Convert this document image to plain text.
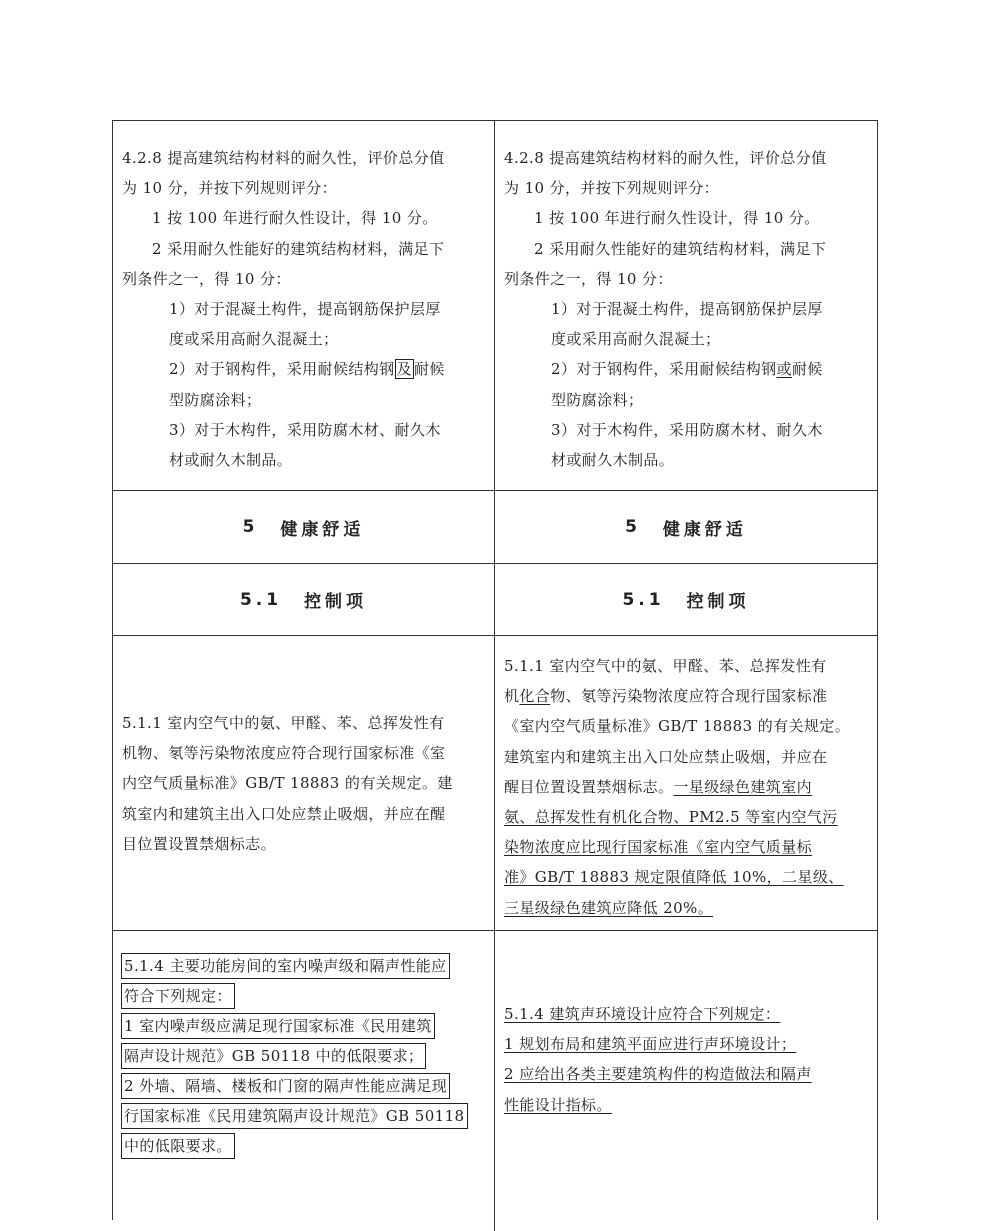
4.2.8 提高建筑结构材料的耐久性，评价总分值

为 10 分，并按下列规则评分：

1 按 100 年进行耐久性设计，得 10 分。

2 采用耐久性能好的建筑结构材料，满足下

列条件之一，得 10 分：

1）对于混凝土构件，提高钢筋保护层厚

度或采用高耐久混凝土；

2）对于钢构件，采用耐候结构钢 及 耐候

型防腐涂料；

3）对于木构件，采用防腐木材、耐久木

材或耐久木制品。

4.2.8 提高建筑结构材料的耐久性，评价总分值

为 10 分，并按下列规则评分：

1 按 100 年进行耐久性设计，得 10 分。

2 采用耐久性能好的建筑结构材料，满足下

列条件之一，得 10 分：

1）对于混凝土构件，提高钢筋保护层厚

度或采用高耐久混凝土；

2）对于钢构件，采用耐候结构钢或耐候

型防腐涂料；

3）对于木构件，采用防腐木材、耐久木

材或耐久木制品。

5 健康舒适	5 健康舒适
5.1 控制项	5.1 控制项

5.1.1 室内空气中的氨、甲醛、苯、总挥发性有

机物、氡等污染物浓度应符合现行国家标准《室

内空气质量标准》GB/T 18883 的有关规定。建

筑室内和建筑主出入口处应禁止吸烟，并应在醒

目位置设置禁烟标志。

5.1.1 室内空气中的氨、甲醛、苯、总挥发性有

机化合物、氡等污染物浓度应符合现行国家标准

《室内空气质量标准》GB/T 18883 的有关规定。

建筑室内和建筑主出入口处应禁止吸烟，并应在

醒目位置设置禁烟标志。一星级绿色建筑室内

氨、总挥发性有机化合物、PM2.5 等室内空气污

染物浓度应比现行国家标准《室内空气质量标

准》GB/T 18883 规定限值降低 10%，二星级、

三星级绿色建筑应降低 20%。

5.1.4 主要功能房间的室内噪声级和隔声性能应

符合下列规定：

1 室内噪声级应满足现行国家标准《民用建筑

隔声设计规范》GB 50118 中的低限要求；

2 外墙、隔墙、楼板和门窗的隔声性能应满足现

行国家标准《民用建筑隔声设计规范》GB 50118

中的低限要求。

5.1.4 建筑声环境设计应符合下列规定：

1 规划布局和建筑平面应进行声环境设计；

2 应给出各类主要建筑构件的构造做法和隔声

性能设计指标。
